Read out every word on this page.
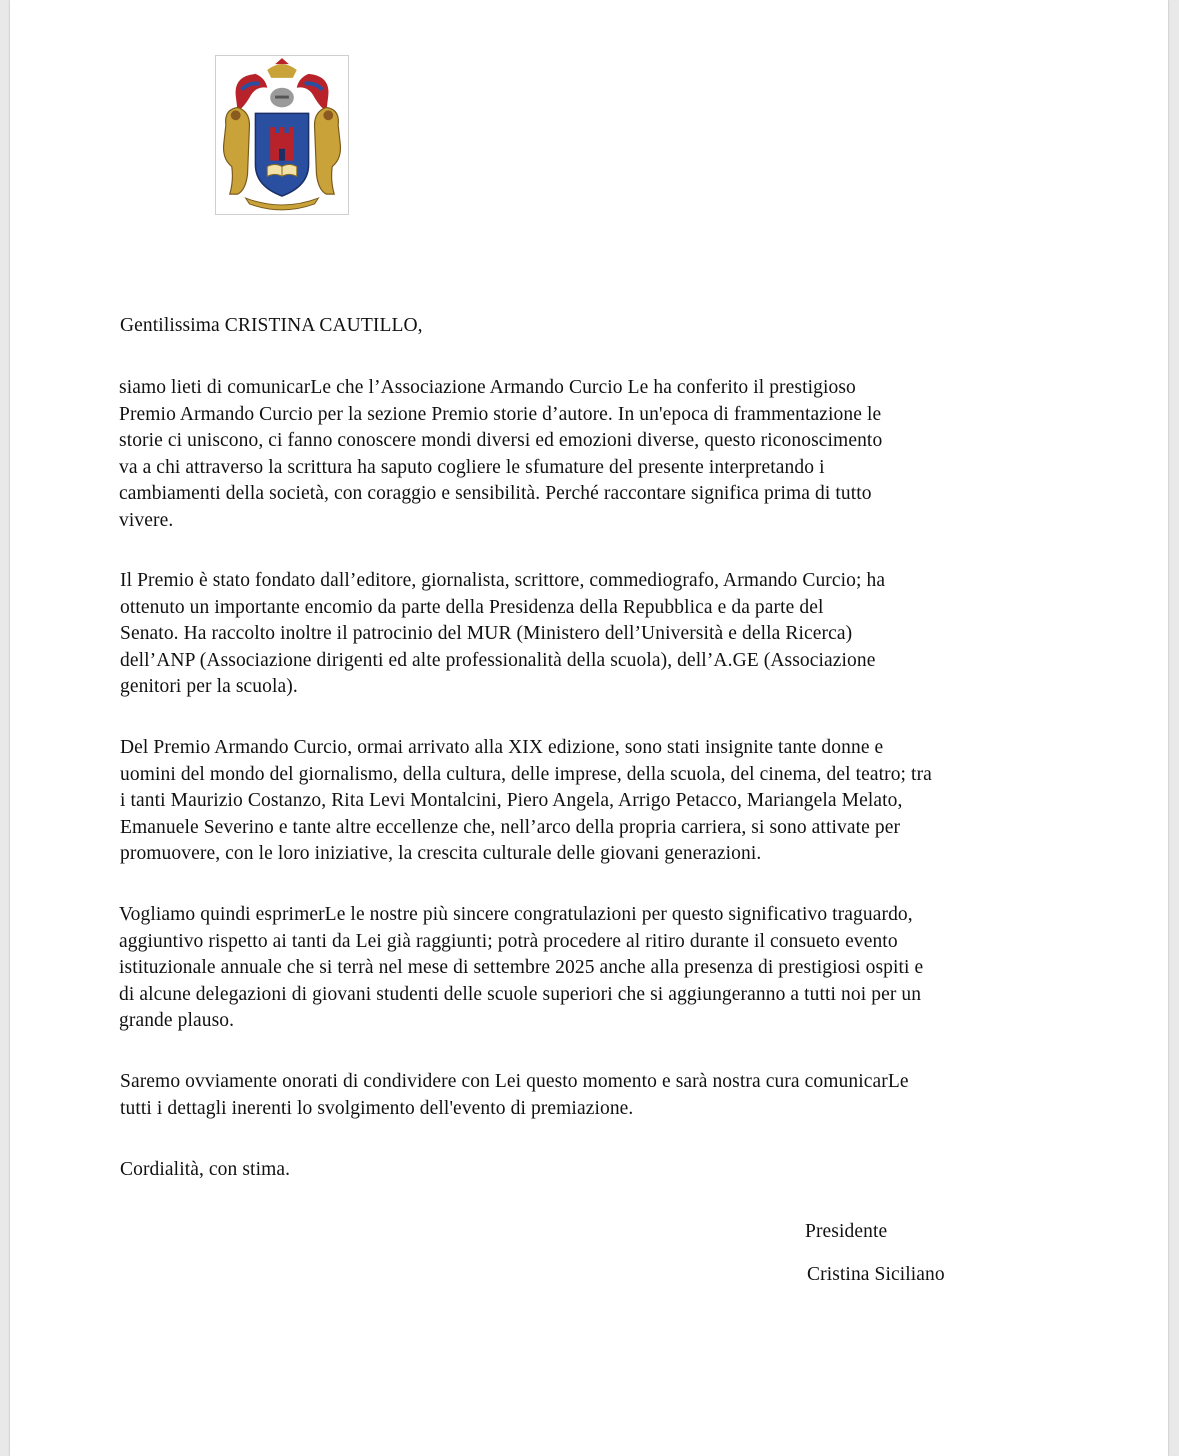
Gentilissima CRISTINA CAUTILLO,

siamo lieti di comunicarLe che l’Associazione Armando Curcio Le ha conferito il prestigioso
Premio Armando Curcio per la sezione Premio storie d’autore. In un'epoca di frammentazione le
storie ci uniscono, ci fanno conoscere mondi diversi ed emozioni diverse, questo riconoscimento
va a chi attraverso la scrittura ha saputo cogliere le sfumature del presente interpretando i
cambiamenti della società, con coraggio e sensibilità. Perché raccontare significa prima di tutto
vivere.

Il Premio è stato fondato dall’editore, giornalista, scrittore, commediografo, Armando Curcio; ha
ottenuto un importante encomio da parte della Presidenza della Repubblica e da parte del
Senato. Ha raccolto inoltre il patrocinio del MUR (Ministero dell’Università e della Ricerca)
dell’ANP (Associazione dirigenti ed alte professionalità della scuola), dell’A.GE (Associazione
genitori per la scuola).

Del Premio Armando Curcio, ormai arrivato alla XIX edizione, sono stati insignite tante donne e
uomini del mondo del giornalismo, della cultura, delle imprese, della scuola, del cinema, del teatro; tra
i tanti Maurizio Costanzo, Rita Levi Montalcini, Piero Angela, Arrigo Petacco, Mariangela Melato,
Emanuele Severino e tante altre eccellenze che, nell’arco della propria carriera, si sono attivate per
promuovere, con le loro iniziative, la crescita culturale delle giovani generazioni.

Vogliamo quindi esprimerLe le nostre più sincere congratulazioni per questo significativo traguardo,
aggiuntivo rispetto ai tanti da Lei già raggiunti; potrà procedere al ritiro durante il consueto evento
istituzionale annuale che si terrà nel mese di settembre 2025 anche alla presenza di prestigiosi ospiti e
di alcune delegazioni di giovani studenti delle scuole superiori che si aggiungeranno a tutti noi per un
grande plauso.

Saremo ovviamente onorati di condividere con Lei questo momento e sarà nostra cura comunicarLe
tutti i dettagli inerenti lo svolgimento dell'evento di premiazione.

Cordialità, con stima.

Presidente

Cristina Siciliano
